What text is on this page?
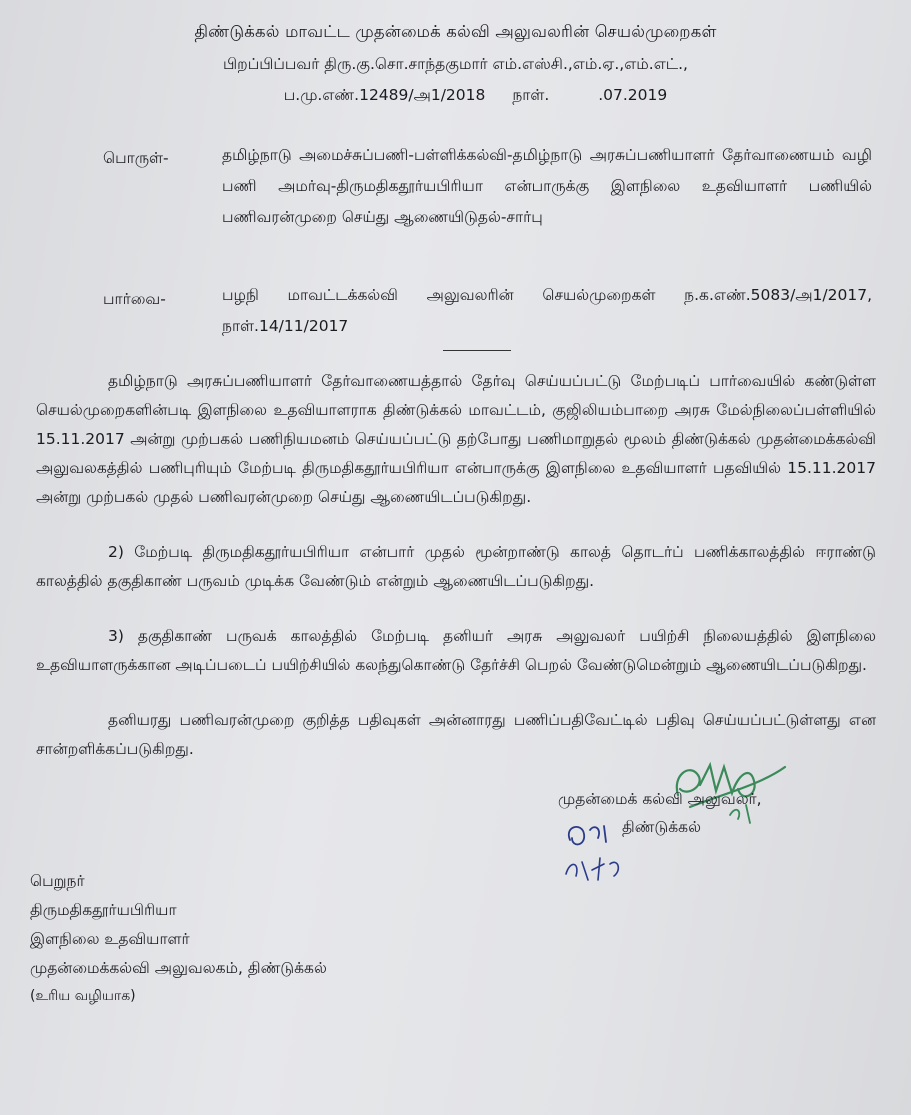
திண்டுக்கல் மாவட்ட முதன்மைக் கல்வி அலுவலரின் செயல்முறைகள்
பிறப்பிப்பவர் திரு.கு.சொ.சாந்தகுமார் எம்.எஸ்சி.,எம்.ஏ.,எம்.எட்.,
ப.மு.எண்.12489/அ1/2018 நாள்.	.07.2019
பொருள்-	தமிழ்நாடு அமைச்சுப்பணி-பள்ளிக்கல்வி-தமிழ்நாடு அரசுப்பணியாளர் தேர்வாணையம் வழி பணி அமர்வு-திருமதிகதூர்யபிரியா என்பாருக்கு இளநிலை உதவியாளர் பணியில் பணிவரன்முறை செய்து ஆணையிடுதல்-சார்பு
பார்வை-	பழநி மாவட்டக்கல்வி அலுவலரின் செயல்முறைகள் ந.க.எண்.5083/அ1/2017, நாள்.14/11/2017
தமிழ்நாடு அரசுப்பணியாளர் தேர்வாணையத்தால் தேர்வு செய்யப்பட்டு மேற்படிப் பார்வையில் கண்டுள்ள செயல்முறைகளின்படி இளநிலை உதவியாளராக திண்டுக்கல் மாவட்டம், குஜிலியம்பாறை அரசு மேல்நிலைப்பள்ளியில் 15.11.2017 அன்று முற்பகல் பணிநியமனம் செய்யப்பட்டு தற்போது பணிமாறுதல் மூலம் திண்டுக்கல் முதன்மைக்கல்வி அலுவலகத்தில் பணிபுரியும் மேற்படி திருமதிகதூர்யபிரியா என்பாருக்கு இளநிலை உதவியாளர் பதவியில் 15.11.2017 அன்று முற்பகல் முதல் பணிவரன்முறை செய்து ஆணையிடப்படுகிறது.
2) மேற்படி திருமதிகதூர்யபிரியா என்பார் முதல் மூன்றாண்டு காலத் தொடர்ப் பணிக்காலத்தில் ஈராண்டு காலத்தில் தகுதிகாண் பருவம் முடிக்க வேண்டும் என்றும் ஆணையிடப்படுகிறது.
3) தகுதிகாண் பருவக் காலத்தில் மேற்படி தனியர் அரசு அலுவலர் பயிற்சி நிலையத்தில் இளநிலை உதவியாளருக்கான அடிப்படைப் பயிற்சியில் கலந்துகொண்டு தேர்ச்சி பெறல் வேண்டுமென்றும் ஆணையிடப்படுகிறது.
தனியரது பணிவரன்முறை குறித்த பதிவுகள் அன்னாரது பணிப்பதிவேட்டில் பதிவு செய்யப்பட்டுள்ளது என சான்றளிக்கப்படுகிறது.
முதன்மைக் கல்வி அலுவலர்,
திண்டுக்கல்
பெறுநர்
திருமதிகதூர்யபிரியா
இளநிலை உதவியாளர்
முதன்மைக்கல்வி அலுவலகம், திண்டுக்கல்
(உரிய வழியாக)
